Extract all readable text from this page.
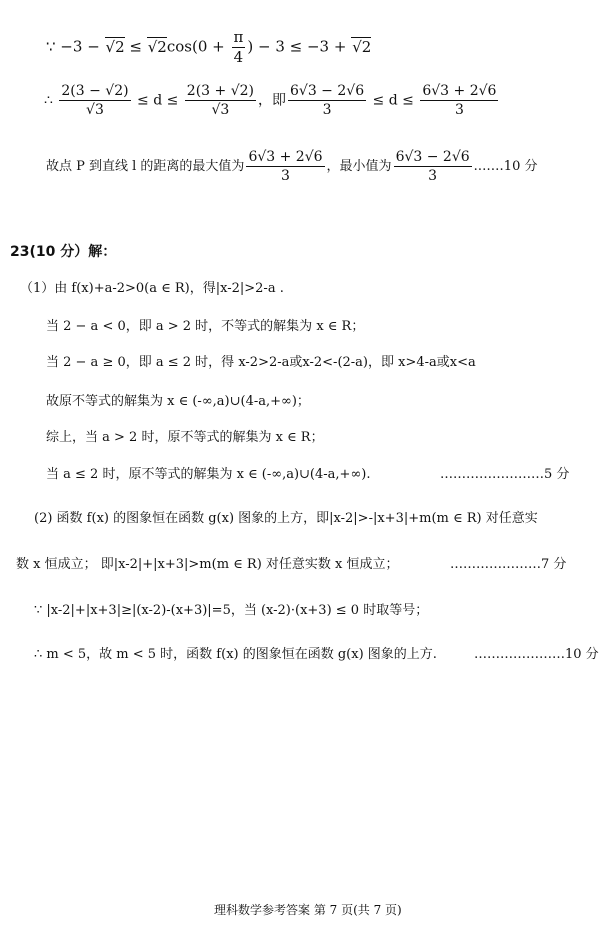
∵ $-3 - √2 \le √2\cos(0 + \frac{\pi}{4}$ ) − 3 ≤ −3 + √2
∴ $\frac{2(3 - √2)}{√3} \le d \le \frac{2(3 + √2)}{√3}$ ，即 $\frac{6√3 - 2√6}{3} \le d \le \frac{6√3 + 2√6}{3}$
故点 P 到直线 l 的距离的最大值为 $\frac{6√3 + 2√6}{3}$ ，最小值为 $\frac{6√3 - 2√6}{3}$ .……10 分
23(10 分）解：
（1）由 f(x)+a-2>0(a ∈ R)，得|x-2|>2-a .
当 2 − a < 0，即 a > 2 时，不等式的解集为 x ∈ R；
当 2 − a ≥ 0，即 a ≤ 2 时，得 x-2>2-a或x-2<-(2-a)，即 x>4-a或x<a
故原不等式的解集为 x ∈ (-∞,a)∪(4-a,+∞)；
综上，当 a > 2 时，原不等式的解集为 x ∈ R；
当 a ≤ 2 时，原不等式的解集为 x ∈ (-∞,a)∪(4-a,+∞).	……………………5 分
(2) 函数 f(x) 的图象恒在函数 g(x) 图象的上方，即|x-2|>-|x+3|+m(m ∈ R) 对任意实
数 x 恒成立； 即|x-2|+|x+3|>m(m ∈ R) 对任意实数 x 恒成立；	…………………7 分
∵ |x-2|+|x+3|≥|(x-2)-(x+3)|=5，当 (x-2)·(x+3) ≤ 0 时取等号；
∴ m < 5，故 m < 5 时，函数 f(x) 的图象恒在函数 g(x) 图象的上方.	…………………10 分
理科数学参考答案 第 7 页(共 7 页)
